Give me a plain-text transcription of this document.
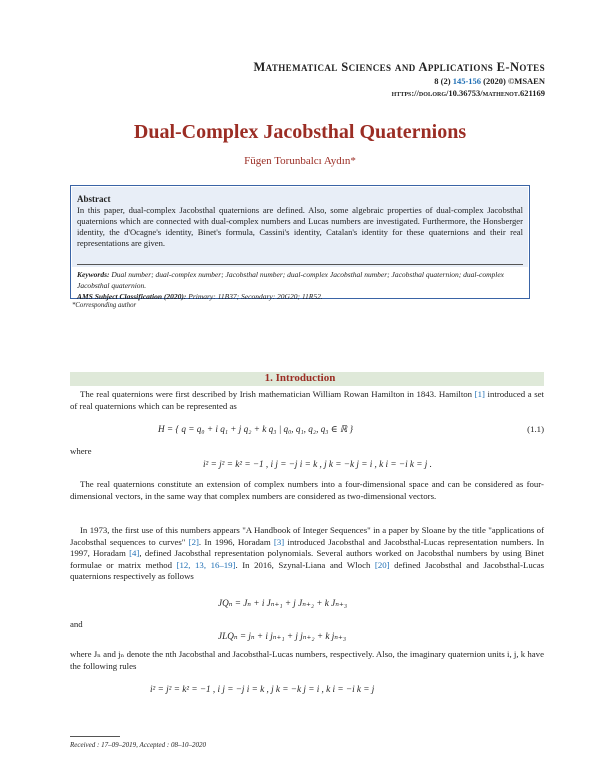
Mathematical Sciences and Applications E-Notes
8 (2) 145-156 (2020) ©MSAEN
https://doi.org/10.36753/mathenot.621169
Dual-Complex Jacobsthal Quaternions
Fügen Torunbalcı Aydın*
Abstract
In this paper, dual-complex Jacobsthal quaternions are defined. Also, some algebraic properties of dual-complex Jacobsthal quaternions which are connected with dual-complex numbers and Lucas numbers are investigated. Furthermore, the Honsberger identity, the d'Ocagne's identity, Binet's formula, Cassini's identity, Catalan's identity for these quaternions and their real representations are given.
Keywords: Dual number; dual-complex number; Jacobsthal number; dual-complex Jacobsthal number; Jacobsthal quaternion; dual-complex Jacobsthal quaternion.
AMS Subject Classification (2020): Primary: 11B37; Secondary: 20G20; 11R52.
*Corresponding author
1. Introduction
The real quaternions were first described by Irish mathematician William Rowan Hamilton in 1843. Hamilton [1] introduced a set of real quaternions which can be represented as
H = { q = q₀ + i q₁ + j q₂ + k q₃ | q₀, q₁, q₂, q₃ ∈ ℝ }	(1.1)
where
i² = j² = k² = −1 , i j = −j i = k , j k = −k j = i , k i = −i k = j .
The real quaternions constitute an extension of complex numbers into a four-dimensional space and can be considered as four-dimensional vectors, in the same way that complex numbers are considered as two-dimensional vectors.
In 1973, the first use of this numbers appears "A Handbook of Integer Sequences" in a paper by Sloane by the title "applications of Jacobsthal sequences to curves" [2]. In 1996, Horadam [3] introduced Jacobsthal and Jacobsthal-Lucas representation numbers. In 1997, Horadam [4], defined Jacobsthal representation polynomials. Several authors worked on Jacobsthal numbers by using Binet formulae or matrix method [12, 13, 16–19]. In 2016, Szynal-Liana and Wloch [20] defined Jacobsthal and Jacobsthal-Lucas quaternions respectively as follows
JQₙ = Jₙ + i Jₙ₊₁ + j Jₙ₊₂ + k Jₙ₊₃
and
JLQₙ = jₙ + i jₙ₊₁ + j jₙ₊₂ + k jₙ₊₃
where Jₙ and jₙ denote the nth Jacobsthal and Jacobsthal-Lucas numbers, respectively. Also, the imaginary quaternion units i, j, k have the following rules
i² = j² = k² = −1 , i j = −j i = k , j k = −k j = i , k i = −i k = j
Received : 17–09–2019, Accepted : 08–10–2020
